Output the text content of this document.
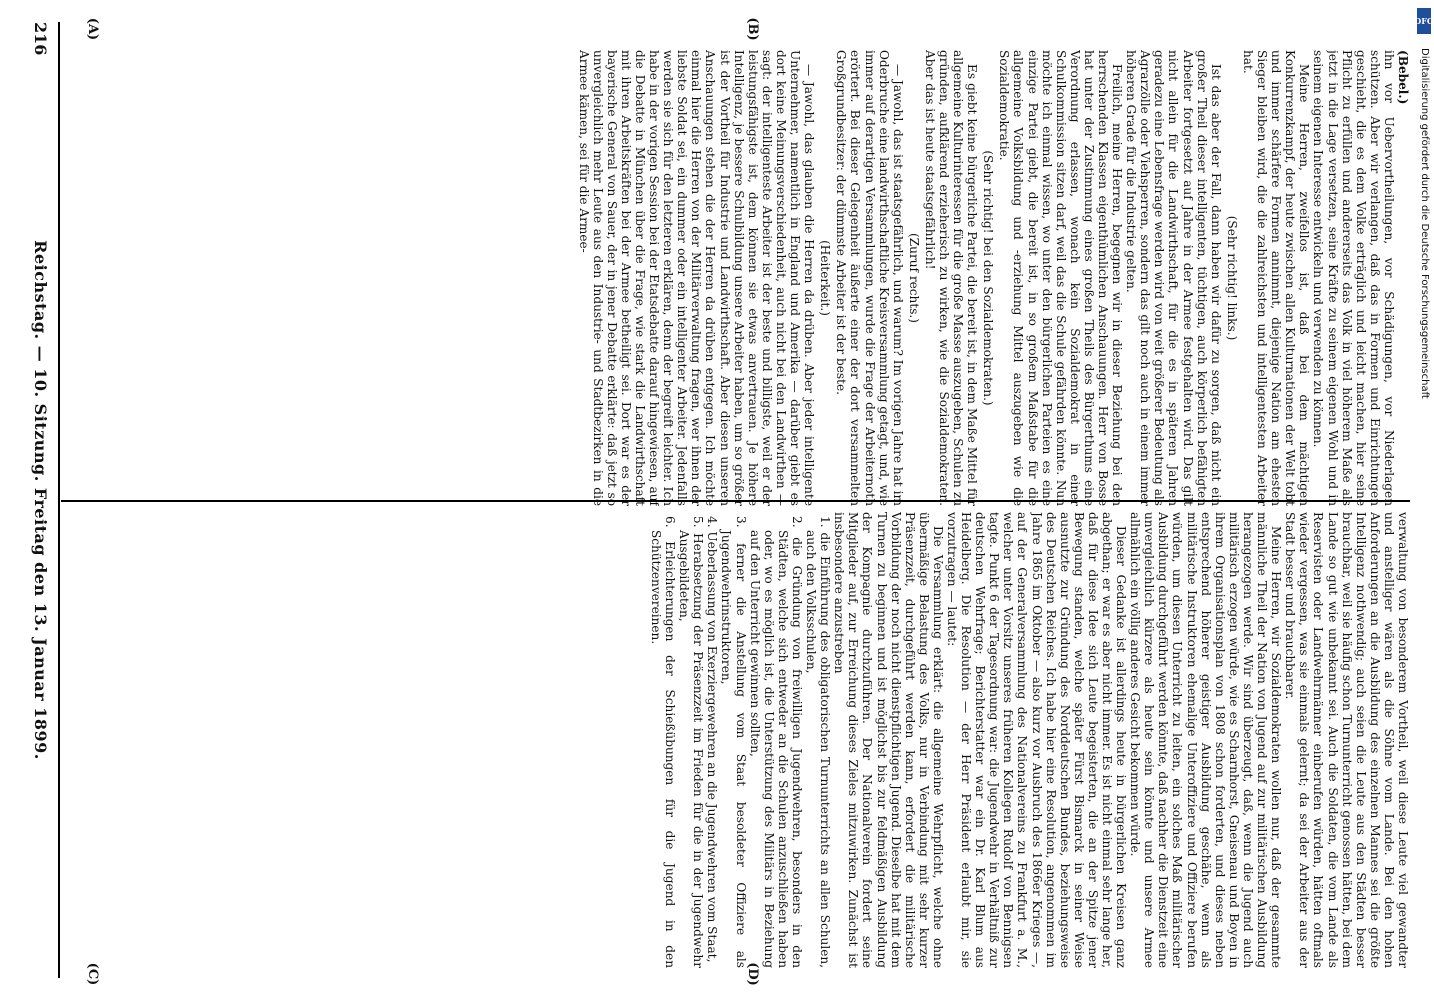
216
Reichstag. — 10. Sitzung. Freitag den 13. Januar 1899.

(Bebel.)

ihn vor Uebervortheilungen, vor Schädigungen, vor Niederlagen schützen. Aber wir verlangen, daß das in Formen und Einrichtungen geschieht, die es dem Volke erträglich und leicht machen, hier seine Pflicht zu erfüllen und andererseits das Volk in viel höherem Maße als jetzt in die Lage versetzen, seine Kräfte zu seinem eigenen Wohl und in seinem eigenen Interesse entwickeln und verwenden zu können.

Meine Herren, zweifellos ist, daß bei dem mächtigen Konkurrenzkampf, der heute zwischen allen Kulturnationen der Welt tobt und immer schärfere Formen annimmt, diejenige Nation am ehesten Sieger bleiben wird, die die zahlreichsten und intelligentesten Arbeiter hat.

(Sehr richtig! links.)

Ist das aber der Fall, dann haben wir dafür zu sorgen, daß nicht ein großer Theil dieser intelligenten, tüchtigen, auch körperlich befähigten Arbeiter fortgesetzt auf Jahre in der Armee festgehalten wird. Das gilt nicht allein für die Landwirthschaft, für die es in späteren Jahren geradezu eine Lebensfrage werden wird von weit größerer Bedeutung als Agrarzölle oder Viehsperren, sondern das gilt noch auch in einem immer höheren Grade für die Industrie gelten.

Freilich, meine Herren, begegnen wir in dieser Beziehung bei den herrschenden Klassen eigenthümlichen Anschauungen. Herr von Bosse hat unter der Zustimmung eines großen Theils des Bürgerthums eine Verordnung erlassen, wonach kein Sozialdemokrat in einer Schulkommission sitzen darf, weil das die Schule gefährden könnte. Nun möchte ich einmal wissen, wo unter den bürgerlichen Parteien es eine einzige Partei giebt, die bereit ist, in so großem Maßstabe für die allgemeine Volksbildung und -erziehung Mittel auszugeben wie die Sozialdemokratie.

(Sehr richtig! bei den Sozialdemokraten.)

Es giebt keine bürgerliche Partei, die bereit ist, in dem Maße Mittel für allgemeine Kulturinteressen für die große Masse auszugeben, Schulen zu gründen, aufklärend erzieherisch zu wirken, wie die Sozialdemokraten. Aber das ist heute staatsgefährlich!

(Zuruf rechts.)

— Jawohl, das ist staatsgefährlich, und warum? Im vorigen Jahre hat im Oderbruche eine landwirthschaftliche Kreisversammlung getagt, und, wie immer auf derartigen Versammlungen, wurde die Frage der Arbeiternoth erörtert. Bei dieser Gelegenheit äußerte einer der dort versammelten Großgrundbesitzer: der dümmste Arbeiter ist der beste.

(Heiterkeit.)

— Jawohl, das glauben die Herren da drüben. Aber jeder intelligente Unternehmer, namentlich in England und Amerika — darüber giebt es dort keine Meinungsverschiedenheit, auch nicht bei den Landwirthen — sagt: der intelligenteste Arbeiter ist der beste und billigste, weil er der leistungsfähigste ist, dem können sie etwas anvertrauen. Je höhere Intelligenz, je bessere Schulbildung unsere Arbeiter haben, um so größer ist der Vortheil für Industrie und Landwirthschaft. Aber diesen unseren Anschauungen stehen die der Herren da drüben entgegen. Ich möchte einmal hier die Herren von der Militärverwaltung fragen, wer ihnen der liebste Soldat sei, ein dummer oder ein intelligenter Arbeiter. Jedenfalls werden sie sich für den letzteren erklären, denn der begreift leichter. Ich habe in der vorigen Session bei der Etatsdebatte darauf hingewiesen, auf die Debatte in München über die Frage, wie stark die Landwirthschaft mit ihren Arbeitskräften bei der Armee betheiligt sei. Dort war es der bayerische General von Sauer, der in jener Debatte erklärte: daß jetzt so unvergleichlich mehr Leute aus den Industrie- und Stadtbezirken in die Armee kämen, sei für die Armee-

verwaltung von besonderem Vortheil, weil diese Leute viel gewandter und anstelliger wären als die Söhne vom Lande. Bei den hohen Anforderungen an die Ausbildung des einzelnen Mannes sei die größte Intelligenz nothwendig; auch seien die Leute aus den Städten besser brauchbar, weil sie häufig schon Turnunterricht genossen hätten, bei dem Lande so gut wie unbekannt sei. Auch die Soldaten, die vom Lande als Reservisten oder Landwehrmänner einberufen würden, hätten oftmals wieder vergessen, was sie einmals gelernt; da sei der Arbeiter aus der Stadt besser und brauchbarer.

Meine Herren, wir Sozialdemokraten wollen nur, daß der gesammte männliche Theil der Nation von Jugend auf zur militärischen Ausbildung herangezogen werde. Wir sind überzeugt, daß, wenn die Jugend auch militärisch erzogen würde, wie es Scharnhorst, Gneisenau und Boyen in ihrem Organisationsplan von 1808 schon forderten, und dieses neben entsprechend höherer geistiger Ausbildung geschähe, wenn als militärische Instruktoren ehemalige Unteroffiziere und Offiziere berufen würden, um diesen Unterricht zu leiten, ein solches Maß militärischer Ausbildung durchgeführt werden könnte, daß nachher die Dienstzeit eine unvergleichlich kürzere als heute sein könnte und unsere Armee allmählich ein völlig anderes Gesicht bekommen würde.

Dieser Gedanke ist allerdings heute in bürgerlichen Kreisen ganz abgethan; er war es aber nicht immer. Es ist nicht einmal sehr lange her, daß für diese Idee sich Leute begeisterten, die an der Spitze jener Bewegung standen, welche später Fürst Bismarck in seiner Weise ausnutzte zur Gründung des Norddeutschen Bundes, beziehungsweise des Deutschen Reiches. Ich habe hier eine Resolution, angenommen im Jahre 1865 im Oktober — also kurz vor Ausbruch des 1866er Krieges —, auf der Generalversammlung des Nationalvereins zu Frankfurt a. M., welcher unter Vorsitz unseres früheren Kollegen Rudolf von Bennigsen tagte. Punkt 6 der Tagesordnung war: die Jugendwehr in Verhältniß zur deutschen Wehrfrage; Berichterstatter war ein Dr. Karl Blum aus Heidelberg. Die Resolution — der Herr Präsident erlaubt mir, sie vorzutragen — lautet:

Die Versammlung erklärt: die allgemeine Wehrpflicht, welche ohne übermäßige Belastung des Volks, nur in Verbindung mit sehr kurzer Präsenzzeit, durchgeführt werden kann, erfordert die militärische Vorbildung der noch nicht dienstpflichtigen Jugend. Dieselbe hat mit dem Turnen zu beginnen und ist möglichst bis zur feldmäßigen Ausbildung der Kompagnie durchzuführen. Der Nationalverein fordert seine Mitglieder auf, zur Erreichung dieses Zieles mitzuwirken. Zunächst ist insbesondere anzustreben

1. die Einführung des obligatorischen Turnunterrichts an allen Schulen, auch den Volksschulen,

2. die Gründung von freiwilligen Jugendwehren, besonders in den Städten, welche sich entweder an die Schulen anzuschließen haben oder, wo es möglich ist, die Unterstützung des Militärs in Beziehung auf den Unterricht gewinnen sollten,

3. ferner die Anstellung vom Staat besoldeter Offiziere als Jugendwehrinstruktoren,

4. Ueberlassung von Exerziergewehren an die Jugendwehren vom Staat,

5. Herabsetzung der Präsenzzeit im Frieden für die in der Jugendwehr Ausgebildeten,

6. Erleichterungen der Schießübungen für die Jugend in den Schützenvereinen.

(A)	(B)
(C)	(D)
DFG
Digitalisierung gefördert durch die Deutsche Forschungsgemeinschaft
